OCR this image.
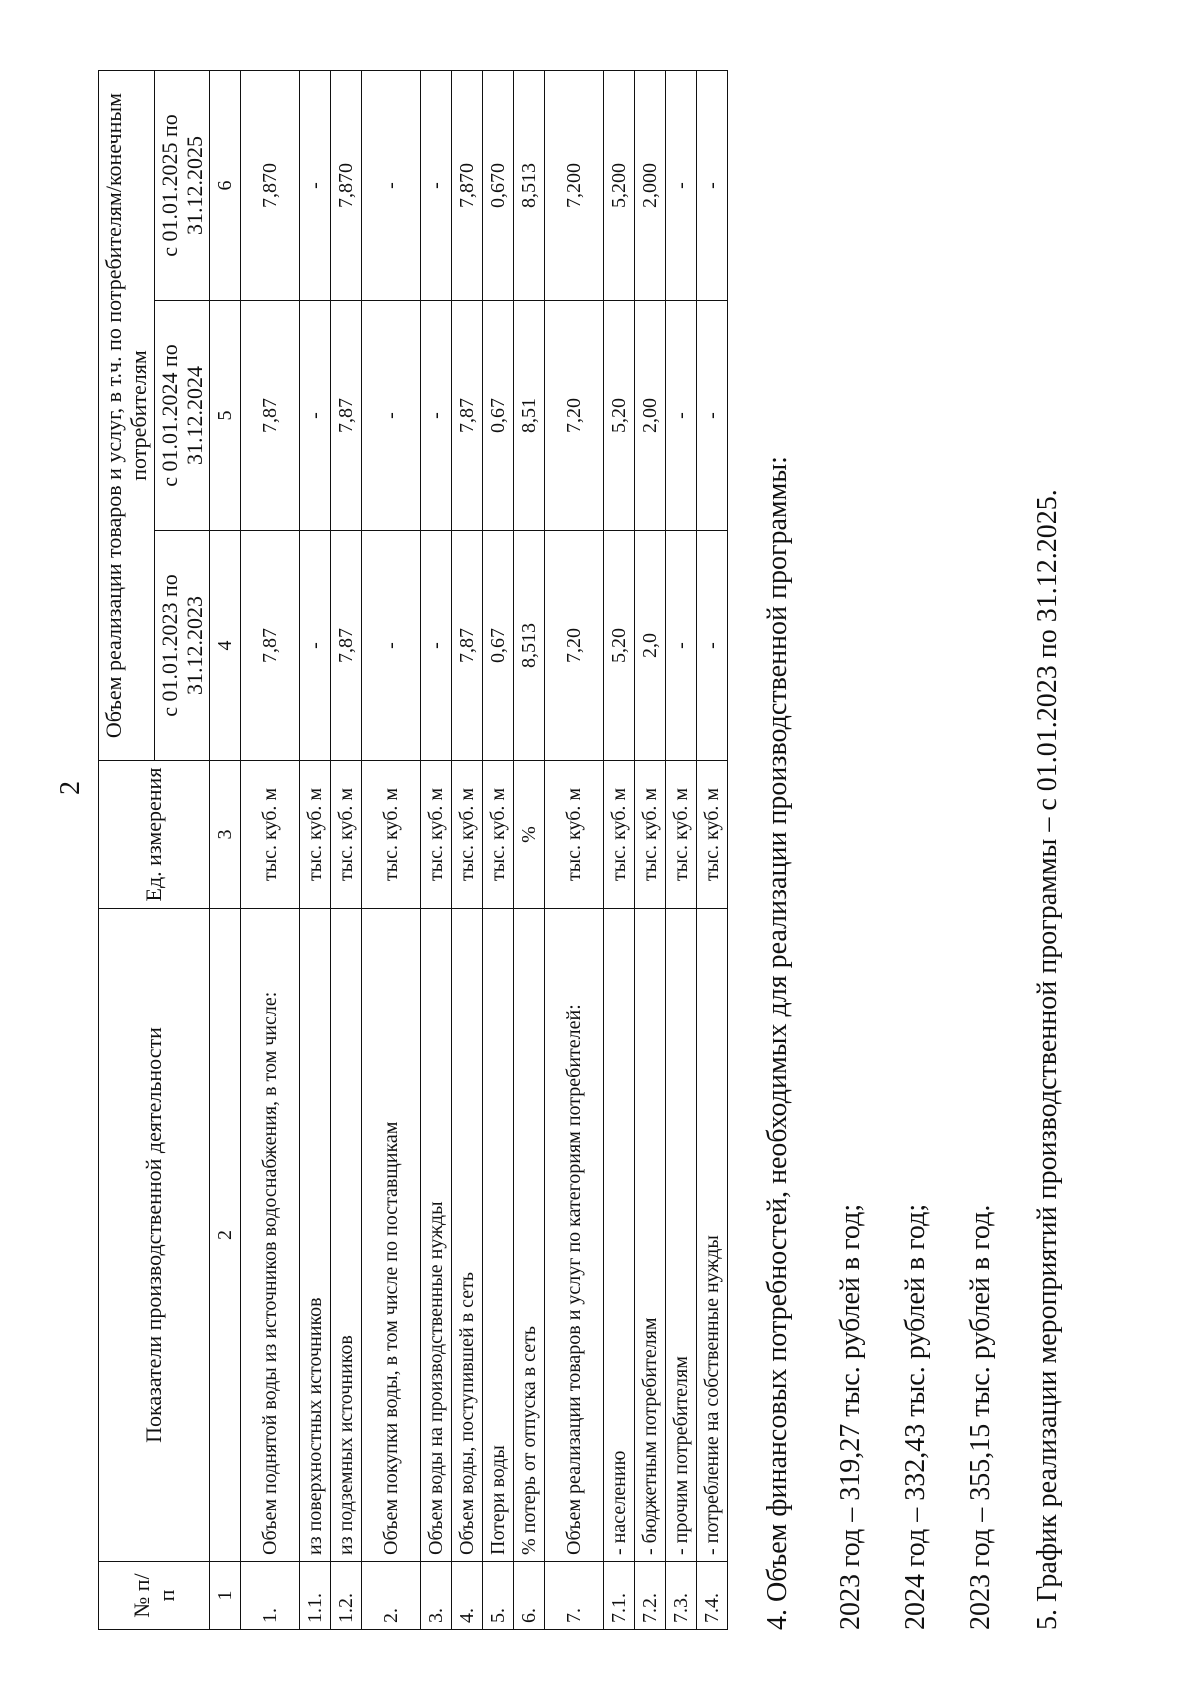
2
№ п/п	Показатели производственной деятельности	Ед. измерения	Объем реализации товаров и услуг, в т.ч. по потребителям/конечным потребителям		
			с 01.01.2023 по 31.12.2023	с 01.01.2024 по 31.12.2024	с 01.01.2025 по 31.12.2025
1	2	3	4	5	6
1.	Объем поднятой воды из источников водоснабжения, в том числе:	тыс. куб. м	7,87	7,87	7,870
1.1.	из поверхностных источников	тыс. куб. м	-	-	-
1.2.	из подземных источников	тыс. куб. м	7,87	7,87	7,870
2.	Объем покупки воды, в том числе по поставщикам	тыс. куб. м	-	-	-
3.	Объем воды на производственные нужды	тыс. куб. м	-	-	-
4.	Объем воды, поступившей в сеть	тыс. куб. м	7,87	7,87	7,870
5.	Потери воды	тыс. куб. м	0,67	0,67	0,670
6.	% потерь от отпуска в сеть	%	8,513	8,51	8,513
7.	Объем реализации товаров и услуг по категориям потребителей:	тыс. куб. м	7,20	7,20	7,200
7.1.	- населению	тыс. куб. м	5,20	5,20	5,200
7.2.	- бюджетным потребителям	тыс. куб. м	2,0	2,00	2,000
7.3.	- прочим потребителям	тыс. куб. м	-	-	-
7.4.	- потребление на собственные нужды	тыс. куб. м	-	-	-
4. Объем финансовых потребностей, необходимых для реализации производственной программы: 2023 год – 319,27 тыс. рублей в год; 2024 год – 332,43 тыс. рублей в год; 2023 год – 355,15 тыс. рублей в год. 5. График реализации мероприятий производственной программы – с 01.01.2023 по 31.12.2025.
